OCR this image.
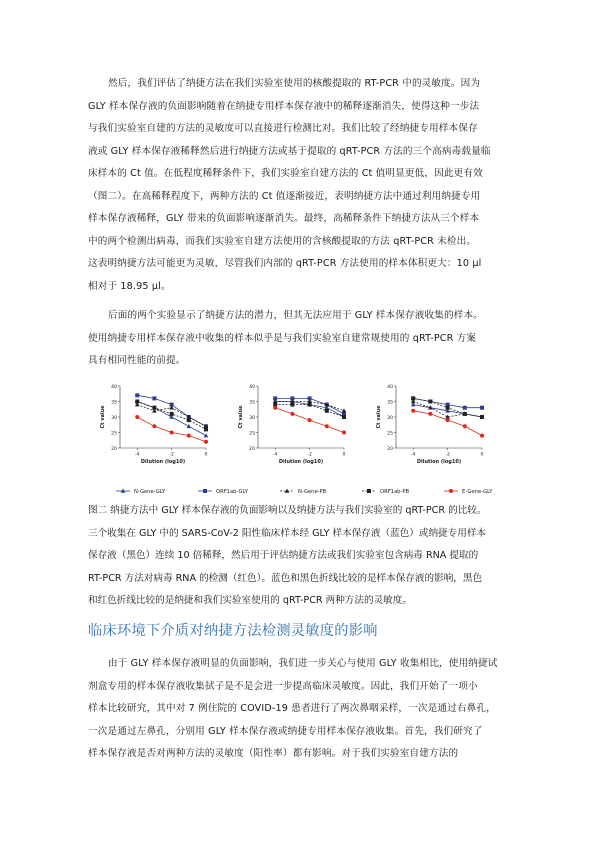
然后，我们评估了纳捷方法在我们实验室使用的核酸提取的 RT-PCR 中的灵敏度。因为
GLY 样本保存液的负面影响随着在纳捷专用样本保存液中的稀释逐渐消失，使得这种一步法
与我们实验室自建的方法的灵敏度可以直接进行检测比对。我们比较了经纳捷专用样本保存
液或 GLY 样本保存液稀释然后进行纳捷方法或基于提取的 qRT-PCR 方法的三个高病毒载量临
床样本的 Ct 值。在低程度稀释条件下，我们实验室自建方法的 Ct 值明显更低，因此更有效
（图二）。在高稀释程度下，两种方法的 Ct 值逐渐接近，表明纳捷方法中通过利用纳捷专用
样本保存液稀释，GLY 带来的负面影响逐渐消失。最终，高稀释条件下纳捷方法从三个样本
中的两个检测出病毒，而我们实验室自建方法使用的含核酸提取的方法 qRT-PCR 未检出。
这表明纳捷方法可能更为灵敏，尽管我们内部的 qRT-PCR 方法使用的样本体积更大：10 μl
相对于 18.95 μl。
后面的两个实验显示了纳捷方法的潜力，但其无法应用于 GLY 样本保存液收集的样本。
使用纳捷专用样本保存液中收集的样本似乎是与我们实验室自建常规使用的 qRT-PCR 方案
具有相同性能的前提。
20
25
30
35
40
-4	-2	0
Dilution (log10)
Ct value
20
25
30
35
40
-4	-2	0
Dilution (log10)
Ct value
20
25
30
35
40
-4	-2	0
Dilution (log10)
Ct value
N-Gene-GLY	ORF1ab-GLY	N-Gene-PB	ORF1ab-PB	E-Gene-GLY
图二 纳捷方法中 GLY 样本保存液的负面影响以及纳捷方法与我们实验室的 qRT-PCR 的比较。
三个收集在 GLY 中的 SARS-CoV-2 阳性临床样本经 GLY 样本保存液（蓝色）或纳捷专用样本
保存液（黑色）连续 10 倍稀释，然后用于评估纳捷方法或我们实验室包含病毒 RNA 提取的
RT-PCR 方法对病毒 RNA 的检测（红色）。蓝色和黑色折线比较的是样本保存液的影响，黑色
和红色折线比较的是纳捷和我们实验室使用的 qRT-PCR 两种方法的灵敏度。
临床环境下介质对纳捷方法检测灵敏度的影响
由于 GLY 样本保存液明显的负面影响，我们进一步关心与使用 GLY 收集相比，使用纳捷试
剂盒专用的样本保存液收集拭子是不是会进一步提高临床灵敏度。因此，我们开始了一项小
样本比较研究，其中对 7 例住院的 COVID-19 患者进行了两次鼻咽采样，一次是通过右鼻孔，
一次是通过左鼻孔，分别用 GLY 样本保存液或纳捷专用样本保存液收集。首先，我们研究了
样本保存液是否对两种方法的灵敏度（阳性率）都有影响。对于我们实验室自建方法的
